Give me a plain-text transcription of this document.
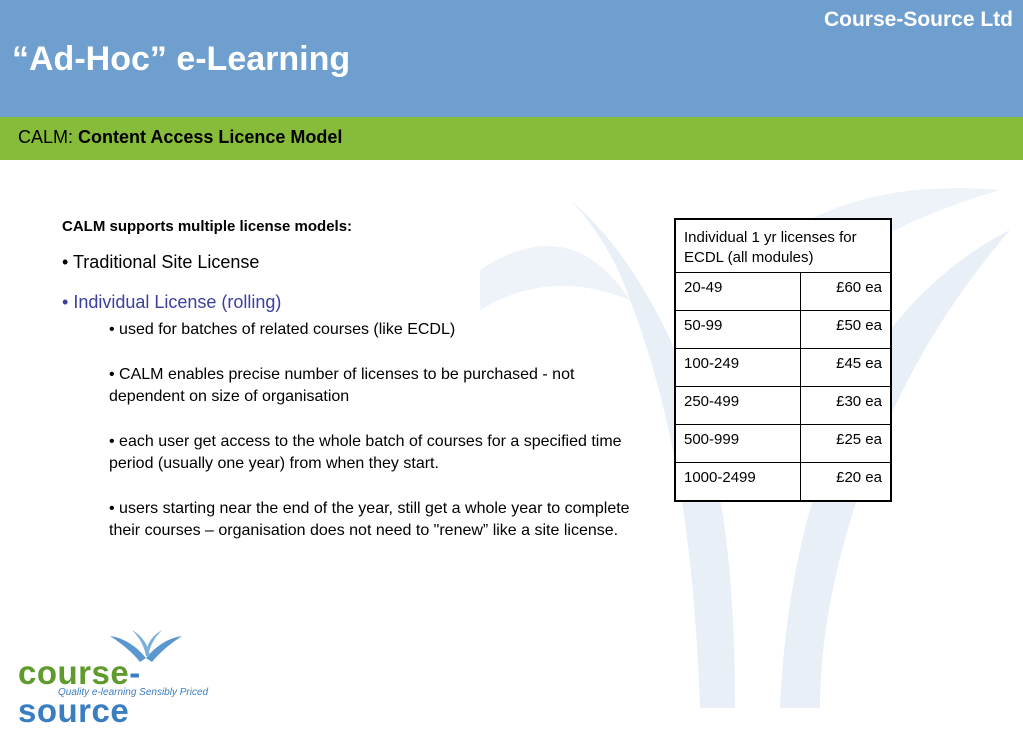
Course-Source Ltd
“Ad-Hoc” e-Learning
CALM: Content Access Licence Model
CALM supports multiple license models:
• Traditional Site License
• Individual License (rolling)

• used for batches of related courses (like ECDL)

• CALM enables precise number of licenses to be purchased - not dependent on size of organisation

• each user get access to the whole batch of courses for a specified time period (usually one year) from when they start.

• users starting near the end of the year, still get a whole year to complete their courses – organisation does not need to "renew” like a site license.

Individual 1 yr licenses for ECDL (all modules)	
20-49	£60 ea
50-99	£50 ea
100-249	£45 ea
250-499	£30 ea
500-999	£25 ea
1000-2499	£20 ea
course-source
Quality e-learning Sensibly Priced
